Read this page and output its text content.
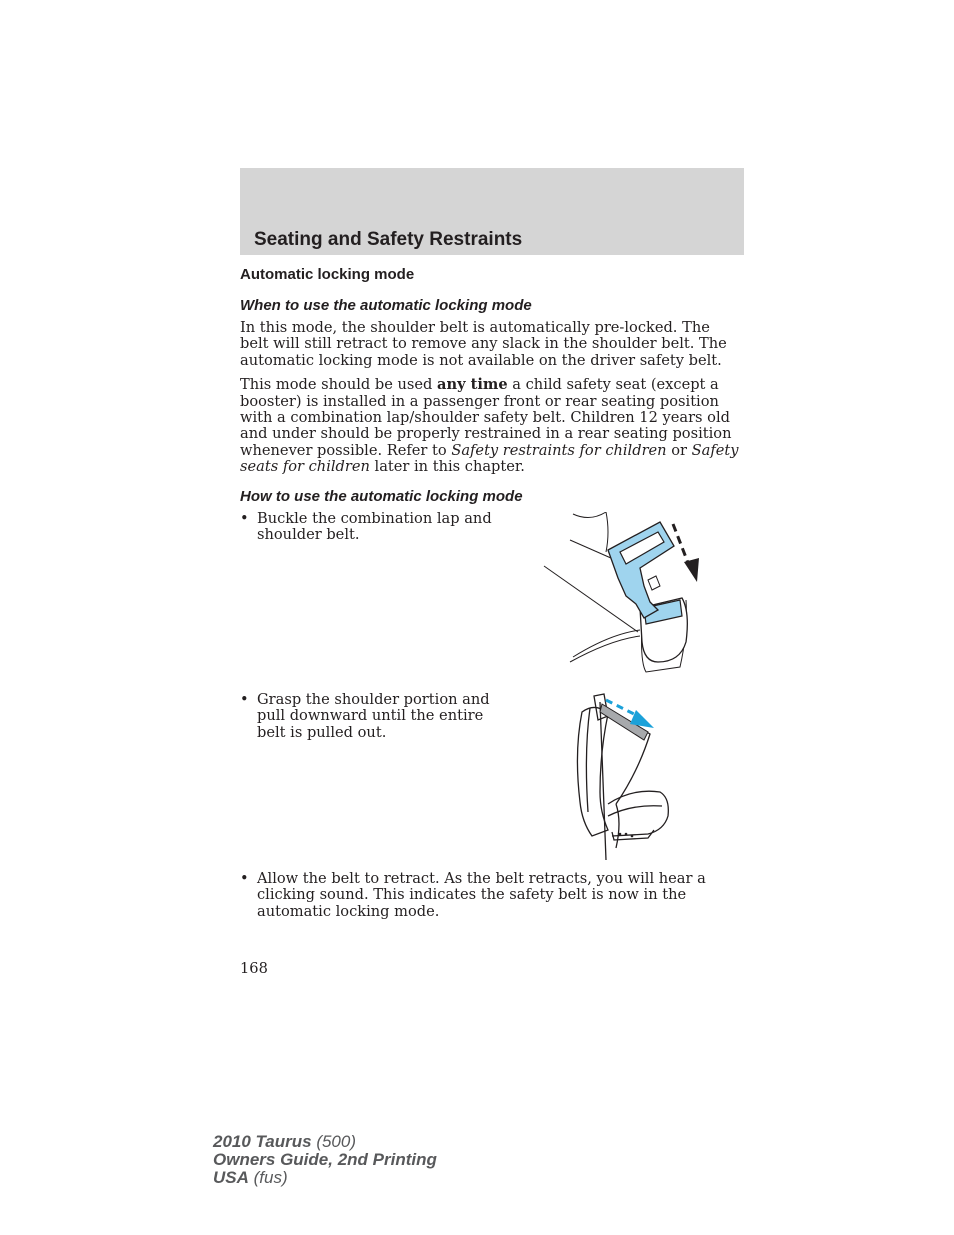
Seating and Safety Restraints
Automatic locking mode
When to use the automatic locking mode

In this mode, the shoulder belt is automatically pre-locked. The belt will still retract to remove any slack in the shoulder belt. The automatic locking mode is not available on the driver safety belt.

This mode should be used any time a child safety seat (except a booster) is installed in a passenger front or rear seating position with a combination lap/shoulder safety belt. Children 12 years old and under should be properly restrained in a rear seating position whenever possible. Refer to Safety restraints for children or Safety seats for children later in this chapter.

How to use the automatic locking mode
• Buckle the combination lap and shoulder belt.
• Grasp the shoulder portion and pull downward until the entire belt is pulled out.
• Allow the belt to retract. As the belt retracts, you will hear a clicking sound. This indicates the safety belt is now in the automatic locking mode.
168
2010 Taurus (500)
Owners Guide, 2nd Printing
USA (fus)
